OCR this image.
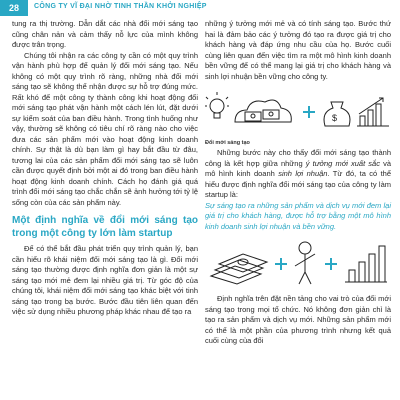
28	CÔNG TY VĨ ĐẠI NHỜ TINH THẦN KHỞI NGHIỆP

tung ra thị trường. Dẫn dắt các nhà đổi mới sáng tạo cũng chân nản và cảm thấy nỗ lực của mình không được trân trọng.

Chúng tôi nhận ra các công ty cần có một quy trình vận hành phù hợp để quản lý đổi mới sáng tạo. Nếu không có một quy trình rõ ràng, những nhà đổi mới sáng tạo sẽ không thể nhận được sự hỗ trợ đúng mức. Rất khó để một công ty thành công khi hoạt động đổi mới sáng tạo phát vận hành một cách lén lút, đặt dưới sự kiểm soát của ban điều hành. Trong tình huống như vậy, thường sẽ không có tiêu chí rõ ràng nào cho việc đưa các sản phẩm mới vào hoạt động kinh doanh chính. Sự thật là dù bạn làm gì hay bắt đầu từ đâu, tương lai của các sản phẩm đổi mới sáng tạo sẽ luôn cần được quyết định bởi một ai đó trong ban điều hành hoạt động kinh doanh chính. Cách họ đánh giá quá trình đổi mới sáng tạo chắc chắn sẽ ảnh hưởng tới tỷ lệ sống còn của các sản phẩm này.

Một định nghĩa về đổi mới sáng tạo trong một công ty lớn làm startup

Để có thể bắt đầu phát triển quy trình quản lý, bạn cần hiểu rõ khái niệm đổi mới sáng tạo là gì. Đổi mới sáng tạo thường được định nghĩa đơn giản là một sự sáng tạo mới mẻ đem lại nhiều giá trị. Từ góc độ của chúng tôi, khái niệm đổi mới sáng tạo khác biệt với tinh sáng tạo trong bạ bước. Bước đầu tiên liên quan đến việc sử dụng nhiều phương pháp khác nhau để tạo ra

những ý tưởng mới mẻ và có tính sáng tạo. Bước thứ hai là đảm bảo các ý tưởng đó tạo ra được giá trị cho khách hàng và đáp ứng nhu cầu của họ. Bước cuối cùng liên quan đến việc tìm ra một mô hình kinh doanh bền vững để có thể mang lại giá trị cho khách hàng và sinh lợi nhuận bền vững cho công ty.

$
Đổi mới sáng tạo

Những bước này cho thấy đổi mới sáng tạo thành công là kết hợp giữa những ý tưởng mới xuất sắc và mô hình kinh doanh sinh lợi nhuận. Từ đó, ta có thể hiểu được định nghĩa đổi mới sáng tạo của công ty làm startup là:

Sự sáng tạo ra những sản phẩm và dịch vụ mới đem lại giá trị cho khách hàng, được hỗ trợ bằng một mô hình kinh doanh sinh lợi nhuận và bền vững.

Định nghĩa trên đặt nền tảng cho vai trò của đổi mới sáng tạo trong mọi tổ chức. Nó không đơn giản chỉ là tạo ra sản phẩm và dịch vụ mới. Những sản phẩm mới có thể là một phần của phương trình nhưng kết quả cuối cùng của đổi
